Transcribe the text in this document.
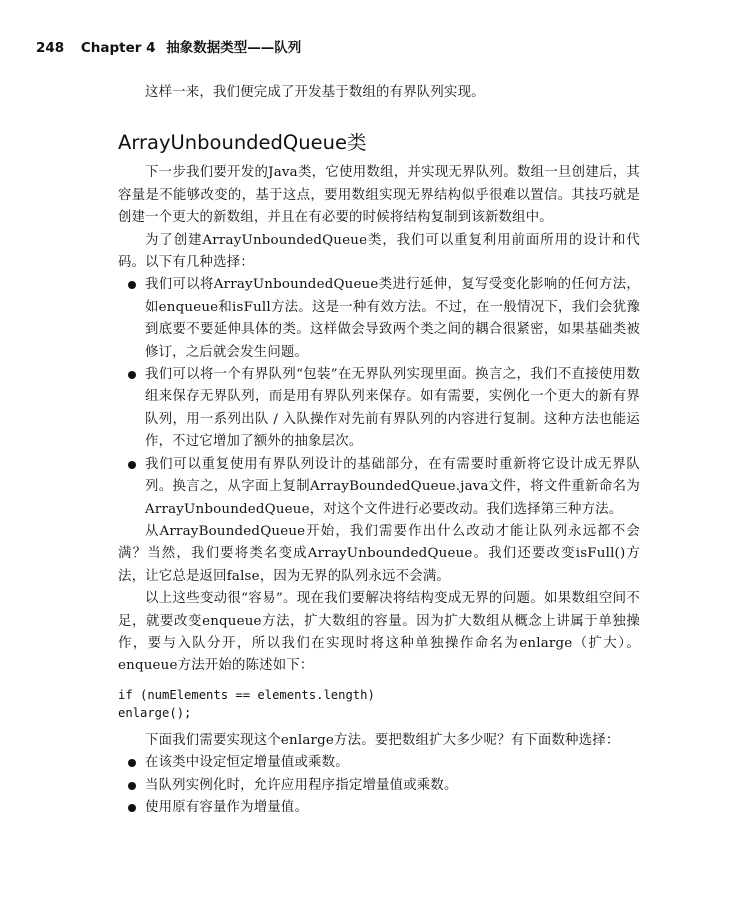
248 Chapter 4 抽象数据类型——队列

这样一来，我们便完成了开发基于数组的有界队列实现。

ArrayUnboundedQueue类

下一步我们要开发的Java类，它使用数组，并实现无界队列。数组一旦创建后，其容量是不能够改变的，基于这点，要用数组实现无界结构似乎很难以置信。其技巧就是创建一个更大的新数组，并且在有必要的时候将结构复制到该新数组中。

为了创建ArrayUnboundedQueue类，我们可以重复利用前面所用的设计和代码。以下有几种选择：

我们可以将ArrayUnboundedQueue类进行延伸，复写受变化影响的任何方法，如enqueue和isFull方法。这是一种有效方法。不过，在一般情况下，我们会犹豫到底要不要延伸具体的类。这样做会导致两个类之间的耦合很紧密，如果基础类被修订，之后就会发生问题。
我们可以将一个有界队列“包装”在无界队列实现里面。换言之，我们不直接使用数组来保存无界队列，而是用有界队列来保存。如有需要，实例化一个更大的新有界队列，用一系列出队 / 入队操作对先前有界队列的内容进行复制。这种方法也能运作，不过它增加了额外的抽象层次。
我们可以重复使用有界队列设计的基础部分，在有需要时重新将它设计成无界队列。换言之，从字面上复制ArrayBoundedQueue.java文件，将文件重新命名为ArrayUnboundedQueue，对这个文件进行必要改动。我们选择第三种方法。

从ArrayBoundedQueue开始，我们需要作出什么改动才能让队列永远都不会满？当然，我们要将类名变成ArrayUnboundedQueue。我们还要改变isFull()方法，让它总是返回false，因为无界的队列永远不会满。

以上这些变动很“容易”。现在我们要解决将结构变成无界的问题。如果数组空间不足，就要改变enqueue方法，扩大数组的容量。因为扩大数组从概念上讲属于单独操作，要与入队分开，所以我们在实现时将这种单独操作命名为enlarge（扩大）。enqueue方法开始的陈述如下：

if (numElements == elements.length)
enlarge();

下面我们需要实现这个enlarge方法。要把数组扩大多少呢？有下面数种选择：

在该类中设定恒定增量值或乘数。
当队列实例化时，允许应用程序指定增量值或乘数。
使用原有容量作为增量值。
